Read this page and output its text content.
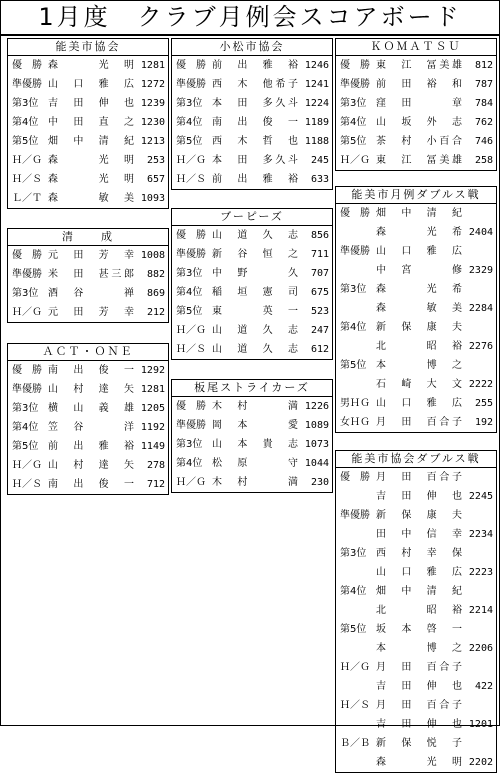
1月度　クラブ月例会スコアボード
能美市協会
優　勝 森　　　光　明 1281
準優勝 山　口　雅　広 1272
第3位 吉　田　伸　也 1239
第4位 中　田　直　之 1230
第5位 畑　中　清　紀 1213
Ｈ／Ｇ 森　　　光　明	253
Ｈ／Ｓ 森　　　光　明	657
Ｌ／Ｔ 森　　　敏　美 1093
清　　成
優　勝 元　田　芳　幸 1008
準優勝 米　田　甚三郎	882
第3位 酒　谷　　　禅	869
Ｈ／Ｇ 元　田　芳　幸	212
ＡＣＴ・ＯＮＥ
優　勝 南　出　俊　一 1292
準優勝 山　村　達　矢 1281
第3位 横　山　義　雄 1205
第4位 笠　谷　　　洋 1192
第5位 前　出　雅　裕 1149
Ｈ／Ｇ 山　村　達　矢	278
Ｈ／Ｓ 南　出　俊　一	712
小松市協会
優　勝 前　出　雅　裕 1246
準優勝 西　木　他希子 1241
第3位 本　田　多久斗 1224
第4位 南　出　俊　一 1189
第5位 西　木　哲　也 1188
Ｈ／Ｇ 本　田　多久斗	245
Ｈ／Ｓ 前　出　雅　裕	633
ブーピーズ
優　勝 山　道　久　志	856
準優勝 新　谷　恒　之	711
第3位 中　野　　　久	707
第4位 稲　垣　憲　司	675
第5位 東　　　英　一	523
Ｈ／Ｇ 山　道　久　志	247
Ｈ／Ｓ 山　道　久　志	612
板尾ストライカーズ
優　勝 木　村　　　満 1226
準優勝 岡　本　　　愛 1089
第3位 山　本　貴　志 1073
第4位 松　原　　　守 1044
Ｈ／Ｇ 木　村　　　満	230
ＫＯＭＡＴＳＵ
優　勝 東　江　冨美雄	812
準優勝 前　田　裕　和	787
第3位 窪　田　　　章	784
第4位 山　坂　外　志	762
第5位 茶　村　小百合	746
Ｈ／Ｇ 東　江　冨美雄	258
能美市月例ダブルス戦
優　勝 畑　中　清　紀
森　　　光　希 2404
準優勝 山　口　雅　広
中　宮　　　修 2329
第3位 森　　　光　希
森　　　敏　美 2284
第4位 新　保　康　夫
北　　　昭　裕 2276
第5位 本　　　博　之
石　崎　大　文 2222
男ＨＧ 山　口　雅　広	255
女ＨＧ 月　田　百合子	192
能美市協会ダブルス戦
優　勝 月　田　百合子
吉　田　伸　也 2245
準優勝 新　保　康　夫
田　中　信　幸 2234
第3位 西　村　幸　保
山　口　雅　広 2223
第4位 畑　中　清　紀
北　　　昭　裕 2214
第5位 坂　本　啓　一
本　　　博　之 2206
Ｈ／Ｇ 月　田　百合子
吉　田　伸　也	422
Ｈ／Ｓ 月　田　百合子
吉　田　伸　也 1201
Ｂ／Ｂ 新　保　悦　子
森　　　光　明 2202
